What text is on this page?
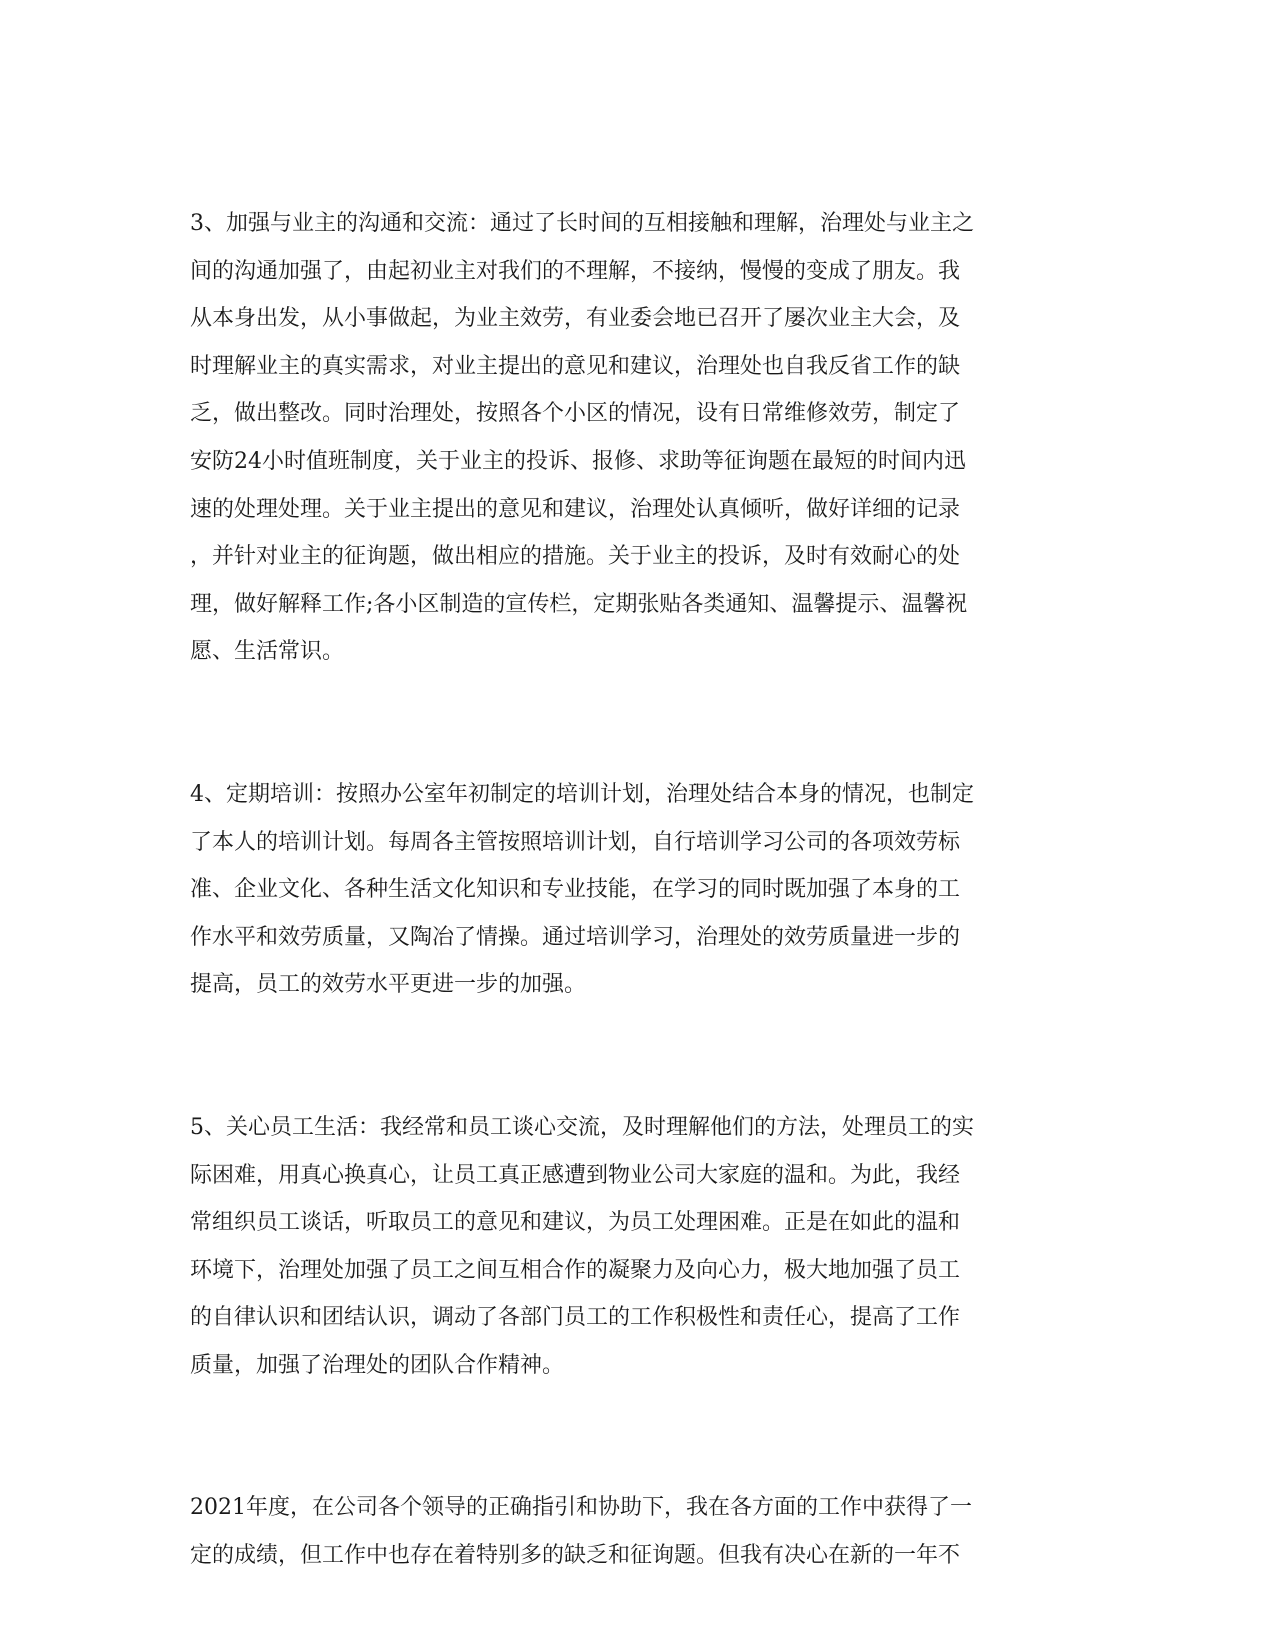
3、加强与业主的沟通和交流：通过了长时间的互相接触和理解，治理处与业主之
间的沟通加强了，由起初业主对我们的不理解，不接纳，慢慢的变成了朋友。我
从本身出发，从小事做起，为业主效劳，有业委会地已召开了屡次业主大会，及
时理解业主的真实需求，对业主提出的意见和建议，治理处也自我反省工作的缺
乏，做出整改。同时治理处，按照各个小区的情况，设有日常维修效劳，制定了
安防24小时值班制度，关于业主的投诉、报修、求助等征询题在最短的时间内迅
速的处理处理。关于业主提出的意见和建议，治理处认真倾听，做好详细的记录
，并针对业主的征询题，做出相应的措施。关于业主的投诉，及时有效耐心的处
理，做好解释工作;各小区制造的宣传栏，定期张贴各类通知、温馨提示、温馨祝
愿、生活常识。

4、定期培训：按照办公室年初制定的培训计划，治理处结合本身的情况，也制定
了本人的培训计划。每周各主管按照培训计划，自行培训学习公司的各项效劳标
准、企业文化、各种生活文化知识和专业技能，在学习的同时既加强了本身的工
作水平和效劳质量，又陶冶了情操。通过培训学习，治理处的效劳质量进一步的
提高，员工的效劳水平更进一步的加强。

5、关心员工生活：我经常和员工谈心交流，及时理解他们的方法，处理员工的实
际困难，用真心换真心，让员工真正感遭到物业公司大家庭的温和。为此，我经
常组织员工谈话，听取员工的意见和建议，为员工处理困难。正是在如此的温和
环境下，治理处加强了员工之间互相合作的凝聚力及向心力，极大地加强了员工
的自律认识和团结认识，调动了各部门员工的工作积极性和责任心，提高了工作
质量，加强了治理处的团队合作精神。

2021年度，在公司各个领导的正确指引和协助下，我在各方面的工作中获得了一
定的成绩，但工作中也存在着特别多的缺乏和征询题。但我有决心在新的一年不
